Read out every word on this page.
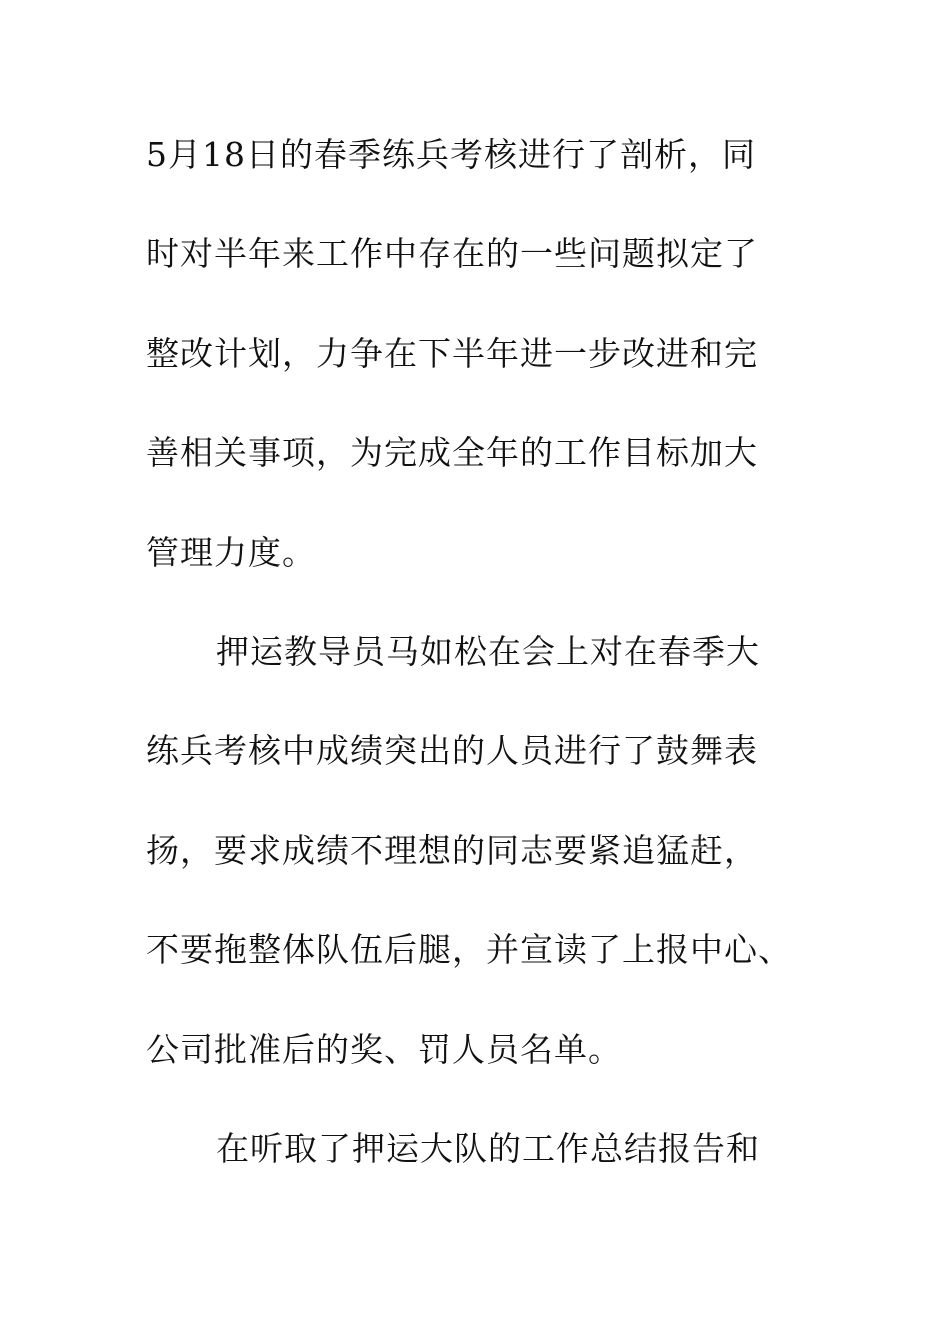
5月18日的春季练兵考核进行了剖析，同
时对半年来工作中存在的一些问题拟定了
整改计划，力争在下半年进一步改进和完
善相关事项，为完成全年的工作目标加大
管理力度。
押运教导员马如松在会上对在春季大
练兵考核中成绩突出的人员进行了鼓舞表
扬，要求成绩不理想的同志要紧追猛赶，
不要拖整体队伍后腿，并宣读了上报中心、
公司批准后的奖、罚人员名单。
在听取了押运大队的工作总结报告和
